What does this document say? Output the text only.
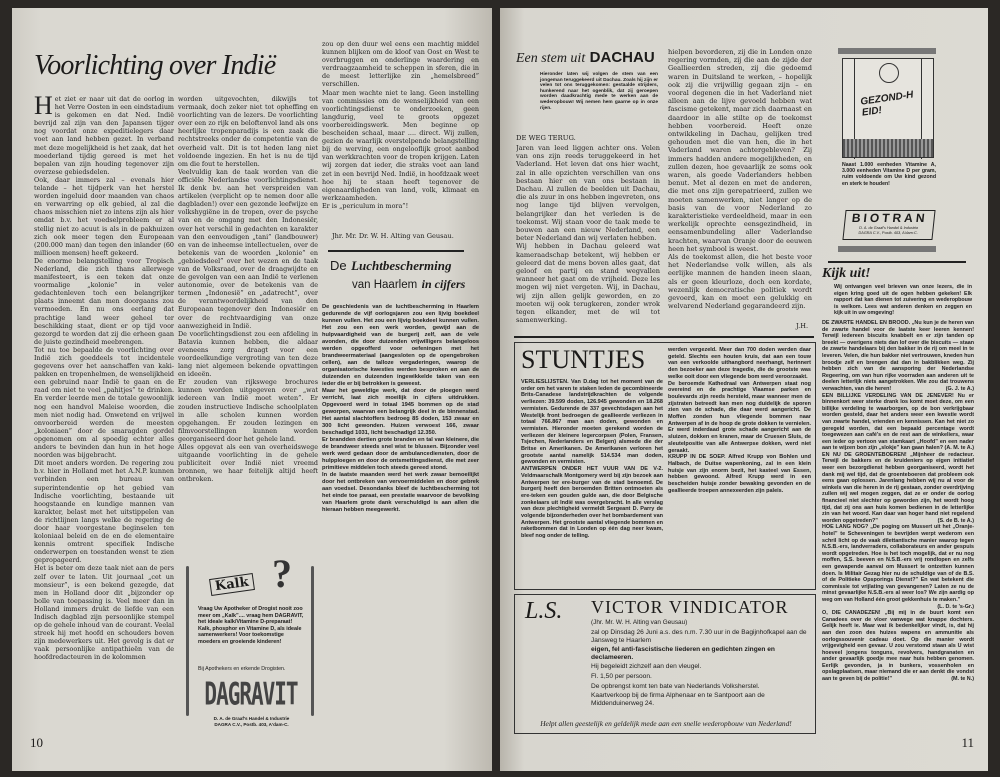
Voorlichting over Indië

Het ziet er naar uit dat de oorlog in het Verre Oosten in een eindstadium is gekomen en dat Ned. Indië bevrijd zal zijn van den Japansen tijger nog voordat onze expeditielegers daar voet aan land hebben gezet. In verband met deze mogelijkheid is het zaak, dat het moederland tijdig gereed is met het bepalen van zijn houding tegenover zijn overzese gebiedsdelen.

Ook, daar immers zal – evenals hier telande – het tijdperk van het herstel worden ingeluid door maanden van chaos en verwarring op elk gebied, al zal die chaos misschien niet zo intens zijn als hier omdat b.v. het voedselprobleem er al stellig niet zo acuut is als in de pakhuizen zich ook meer tegen den Europeaan (200.000 man) dan tegen den inlander (60 millioen mensen) heeft gekeerd.

De enorme belangstelling voor Tropisch Nederland, die zich thans allerwege manifesteert, is een teken dat onze voormalige „kolonie” in veler gedachtenleven toch een belangrijker plaats inneemt dan men doorgaans zou vermoeden. En nu ons eerlang dat prachtige land weer geheel ter beschikking staat, dient er op tijd voor gezorgd te worden dat zij die erheen gaan de juiste gezindheid meebrengen.

Tot nu toe bepaalde de voorlichting over Indië zich goeddeels tot incidentele gegevens over het aanschaffen van kaki-pakken en tropenhelmen, de wenselijkheid een gebruind naar Indië te gaan en de raad om niet te veel „pahitjes” te drinken. En verder leerde men de totale gewoonlijk nog een handvol Maleise woorden, die men niet nodig had. Onwetend en vrijwel onvoorbereid werden de meesten „koloniaen” door de smaragden gordel opgenomen om al spoedig echter alles anders te bevinden dan hun in het hoge noorden was bijgebracht.

Dit moet anders worden. De regering zou b.v. hier in Holland met het A.N.P. kunnen verbinden een bureau van superintendentie op het gebied van Indische voorlichting, bestaande uit hoogstaande en kundige mannen van karakter, belast met het uitstippelen van de richtlijnen langs welke de regering de door haar voorgestane beginselen ten koloniaal beleid en de en de elementaire kennis omtrent specifiek Indische onderwerpen en toestanden wenst te zien gepropageerd.

Het is beter om deze taak niet aan de pers zelf over te laten. Uit journaal „cet un monsieur”, is een bekend gezegde, dat men in Holland door dit „bijzonder op bolle van toepassing is. Veel meer dan in Holland immers drukt de liefde van een Indisch dagblad zijn persoonlijke stempel op de gehele inhoud van de courant. Veelal streek hij met hoofd en schouders boven zijn medewerkers uit. Het gevolg is dat er vaak persoonlijke antipathieën van de hoofdredacteuren in de kolommen

worden uitgevochten, dikwijls tot vermaak, doch zeker niet tot opheffing en voorlichting van de lezers. De voorlichting over een zo rijk en beloftenvol land als ons heerlijke tropenparadijs is een zaak die rechtstreeks onder de competentie van de overheid valt. Dit is tot heden lang niet voldoende ingezien. En het is nu de tijd om die fout te herstellen.

Veelvuldig kan de taak worden van die officiële Nederlandse voorlichtingsdienst. Ik denk bv. aan het verspreiden van artikelen (verplicht op te nemen door alle dagbladen!) over een gezonde leefwijze en volkshygiëne in de tropen, over de psyche van en de omgang met den Indonesiër, over het verschil in gedachten en karakter van den eenvoudigen „tani” (landbouwer) en van de inheemse intellectuelen, over de betekenis van de woorden „kolonie” en „gebiedsdeel” over het wezen en de taak van de Volksraad, over de draagwijdte en de gevolgen van een aan Indië te verlenen autonomie, over de betekenis van de termen „Indonesië” en „adatrecht”, over de verantwoordelijkheid van den Europeaan tegenover den Indonesiër en over de rechtvaardiging van onze aanwezigheid in Indië.

De voorlichtingsdienst zou een afdeling in Batavia kunnen hebben, die aldaar eveneens zorg draagt voor een voordeelkundige vergroting van ten deze lang niet algemeen bekende opvattingen en ideeën.

Er zouden van rijkswege brochures kunnen worden uitgegeven over „wat iedereen van Indië moet weten”. Er zouden instructieve Indische schoolplaten in alle scholen kunnen worden opgehangen. Er zouden lezingen en filmvoorstellingen kunnen worden georganiseerd door het gehele land.

Alles opgevat als een van overheidswege uitgaande voorlichting in de gehele publiciteit over Indië niet vreemd bronnen, we haar feitelijk altijd heeft ontbroken.

Kalk ?
Vraag Uw Apotheker of Drogist nooit zoo meer om „Kalk”.... vraag hem DAGRAVIT, het ideale kalk/Vitamine D-preparaat! Kalk, phosphor en Vitamine D, als ideale samenwerkers! Voor toekomstige moeders en groeiende kinderen!
Bij Apothekers en erkende Drogisten.
DAGRAVIT
D. A. de Graaf's Handel & Industrie
DAGRA C.V., Postb. 403, A'dam-C.

zou op den duur wel eens een machtig middel kunnen blijken om de kloof van Oost en West te overbruggen en onderlinge waardering en verdraagzaamheid te scheppen in sferen, die in de meest letterlijke zin „hemelsbreed” verschillen.

Maar men wachte niet te lang. Geen instelling van commissies om de wenselijkheid van een voorlichtingsdienst te onderzoeken, geen langdurig, veel te groots opgezet voorbereidingswerk. Men beginne op bescheiden schaal, maar .... direct. Wij zullen, gezien de waarlijk overstelpende belangstelling bij de werving, een ongelooflijk groot aanbod van werkkrachten voor de tropen krijgen. Laten wij zorgen dat ieder, die straks voet aan land zet in een bevrijd Ned. Indië, in hoofdzaak weet hoe hij te staan heeft tegenover de eigenaardigheden van land, volk, klimaat en werkzaamheden.

Er is „periculum in mora”!

Jhr. Mr. Dr. W. H. Alting van Geusau.
De Luchtbescherming
van Haarlem in cijfers

De geschiedenis van de luchtbescherming in Haarlem gedurende de vijf oorlogsjaren zou een lijvig boekdeel kunnen vullen. Het zou een lijvig boekdeel kunnen vullen. Het zou een een werk worden, gewijd aan de hulpvaardigheid van de burgerij zelf, aan de vele avonden, die door duizenden vrijwilligers belangeloos werden opgeofferd voor oefeningen met het brandweermateriaal (aangesloten op de opengebroken cellen), aan de talloze vergaderingen, waarop de organisatorische kwesties werden besproken en aan de duizenden en duizenden ingewikkelde taken van een ieder die er bij betrokken is geweest.

Maar het geweldige werk, dat door de ploegen werd verricht, laat zich moeilijk in cijfers uitdrukken. Opgevoerd werd in totaal 1945 bommen op de stad geworpen, waarvan een belangrijk deel in de binnenstad. Het aantal slachtoffers bedroeg 85 doden, 153 zwaar en 300 licht gewonden. Huizen verwoest 166, zwaar beschadigd 1031, licht beschadigd 12.350.

Er brandden dertien grote branden en tal van kleinere, die de brandweer steeds snel wist te blussen. Bijzonder veel werk werd gedaan door de ambulancediensten, door de hulpploegen en door de ontsmettingsdienst, die met zeer primitieve middelen toch steeds gereed stond.

In de laatste maanden werd het werk zwaar bemoeilijkt door het ontbreken van vervoermiddelen en door gebrek aan voedsel. Desondanks bleef de luchtbescherming tot het einde toe paraat, een prestatie waarvoor de bevolking van Haarlem grote dank verschuldigd is aan allen die hieraan hebben meegewerkt.

10
Een stem uit DACHAU
Hieronder laten wij volgen de stem van een jongeman teruggekeerd uit Dachau. Zoals hij zijn er velen tot ons teruggekomen: gestaalde strijders, hunkerend naar het ogenblik, dat zij geroepen worden daadkrachtig mede te werken aan de wederopbouw! Wij nemen hem gaarne op in onze rijen.
DE WEG TERUG.

Jaren van leed liggen achter ons. Velen van ons zijn reeds teruggekeerd in het Vaderland. Het leven dat ons hier wacht, zal in alle opzichten verschillen van ons bestaan hier en van ons bestaan in Dachau. Al zullen de beelden uit Dachau, die als zuur in ons hebben ingevreten, ons nog lange tijd blijven vervolgen, belangrijker dan het verleden is de toekomst. Wij staan voor de taak mede te bouwen aan een nieuw Nederland, een beter Nederland dan wij verlaten hebben.

Wij hebben in Dachau geleerd wat kameraadschap betekent, wij hebben er geleerd dat de mens boven alles gaat, dat geloof en partij en stand wegvallen wanneer het gaat om de vrijheid. Deze les mogen wij niet vergeten. Wij, in Dachau, wij zijn allen gelijk geworden, en zo moeten wij ook terugkeren, zonder wrok tegen elkander, met de wil tot samenwerking.

hielpen bevorderen, zij die in Londen onze regering vormden, zij die aan de zijde der Geallieerden streden, zij die gedoemd waren in Duitsland te werken, – hopelijk ook zij die vrijwillig gegaan zijn – en vooral degenen die in het Vaderland niet alleen aan de lijve gevoeld hebben wat fascisme getekent, maar zich daarnaast en daardoor in alle stilte op de toekomst hebben voorbereid. Heeft onze ontwikkeling in Dachau, gelijken tred gehouden met die van hen, die in het Vaderland waren achtergebleven? Zij immers hadden andere mogelijkheden, en zullen dezen, hoe gevaarlijk ze soms ook waren, als goede Vaderlanders hebben benut. Met al dezen en met de anderen, die met ons zijn gerepatrieerd, zullen we moeten samenwerken, niet langer op de basis van de voor Nederland zo karakteristieke verdeeldheid, maar in een werkelijk oprechte eensgezindheid, in eensamenbundeling aller Vaderlandse krachten, waarvan Oranje door de eeuwen heen het symbool is weest.

Als de toekomst allen, die het beste voor het Nederlandse volk willen, als als eerlijke mannen de handen ineen slaan, als er geen kleurloze, doch een kordate, wezenlijk democratische politiek wordt gevoerd, kan en moet een gelukkig en welvarend Nederland gegarandeerd zijn.

J.H.
STUNTJES
VERLIESLIJSTEN. Van D.dag tot het moment van de order om het varen te staken leden de gecombineerde Brits-Canadese landstrijdkrachten de volgende verliezen: 39.599 doden, 126.945 gewonden en 18.268 vermisten. Gedurende de 337 gevechtsdagen aan het Westelijk front bedroegen de geallieerde verliezen in totaal 766.867 man aan doden, gewonden en vermisten. Hieronder moeten gerekend worden de verliezen der kleinere legercorpsen (Polen, Fransen, Tsjechen, Nederlanders en Belgen) alsmede die der Britse en Amerikanen. De Amerikanen verloren het grootste aantal namelijk 514.534 man doden, gewonden en vermisten.
ANTWERPEN ONDER HET VUUR VAN DE V-2. Veldmaarschalk Montgomery werd bij zijn bezoek aan Antwerpen ter ere-burger van de stad benoemd. De burgerij heeft den beroemden Britten ontmoeten als ere-teken een gouden gulde aan, die door Belgische zonkelaars uit Indië was overgebracht. In alle verslag van deze plechtigheid vermeldt Sergeant D. Parry de volgende bijzonderheden over het bombardement van Antwerpen. Het grootste aantal vliegende bommen en raketbommen dat in Londen op één dag neer kwam, bleef nog onder de telling.
werden vergezeld. Meer dan 700 doden werden daar geteld. Slechts een houten kruis, dat aan een touw van een verkoolde uithangbord neerhangt, herinnert den bezoeker aan deze tragedie, die de grootste was welke ooit door een vliegende bom werd veroorzaakt.
De beroemde Kathedraal van Antwerpen staat nog overeind en de prachtige Vlaamse parken en boulevards zijn reeds hersteld, maar wanneer men de zijstraten betreedt kan men nog duidelijk de sporen zien van de schade, die daar werd aangericht. De Moffen zonden hun vliegende bommen naar Antwerpen af in de hoop de grote dokken te vernielen. Er werd inderdaad grote schade aangericht aan de sluizen, dokken en kranen, maar de Cruesen Sluis, de sleutelpositie van alle Antwerpse dokken, werd niet geraakt.
KRUPP IN DE SOEP. Alfred Krupp von Bohlen und Halbach, de Duitse wapenkoning, zal in een klein huisje van zijn enorm bezit, het kasteel van Essen, hebben gewoond. Alfred Krupp werd in een bescheiden huisje zonder bewaking gevonden en de geallieerde troepen annexeerden zijn paleis.
L.S. VICTOR VINDICATOR
(Jhr. Mr. W. H. Alting van Geusau)
zal op Dinsdag 26 Juni a.s. des n.m. 7.30 uur in de Bagijnhofkapel aan de Jansweg te Haarlem
eigen, fel anti-fascistische liederen en gedichten zingen en declameeren.
Hij begeleidt zichzelf aan den vleugel.
Fl. 1,50 per persoon.
De opbrengst komt ten bate van Nederlands Volksherstel.
Kaartverkoop bij de firma Alphenaar en te Santpoort aan de Middenduinerweg 24.
Helpt allen geestelijk en geldelijk mede aan een snelle wederopbouw van Nederland!
GEZOND-HEID!
Naast 1.000 eenheden Vitamine A, 3.000 eenheden Vitamine D per gram, ruim voldoende om Uw kind gezond en sterk te houden!
BIOTRAN
D. A. de Graaf's Handel & Industrie
DAGRA C.V., Postb. 403, A'dam-C.
Kijk uit!
Wij ontvangen veel brieven van onze lezers, die in eigen kring goed uit de ogen hebben gekeken! Elk rapport dat kan dienen tot zuivering en wederopbouw is welkom. Lees wat anderen denken en zeggen en kijk uit in uw omgeving!

DE ZWARTE HANDEL EN BROOD. „Nu kun je de heren van de zwarte handel voor de laatste keer leeren kennen! Terwijl iedereen biscuits knabbelt en er zijn tanden op breekt — overigens niets dan lof over die biscuits — staan de zwarte handelaars bij den bakker in de rij om meel in te leveren. Velen, die hun bakker niet vertrouwen, kneden hun broodje zelf en brengen dat dan in bakblikken weg. Zij hebben zich van de aansporing der Nederlandse Regeering, om van hun rijke voorraden aan anderen uit te deelen letterlijk niets aangetrokken. Wie zou dat trouwens verwachten, van die heren!	(G. J. te A.)

EEN BILLIJKE VERDELING VAN DE JENEVER! Nu er binnenkort weer sterke drank los komt moet deze, om een billijke verdeling te waarborgen, op de bon verkrijgbaar worden gesteld, daar het anders weer een kwestie wordt van zwarte handel, vrienden en kennissen. Kan het niet zo geregeld worden, dat een bepaald percentage wordt toegewezen aan café's en de rest aan de winkeliers, waar een ieder op vertoon van stamkaart „Hoofd” en een nader aan te wijzen bon zijn „slokje” kan gaan halen? (A. M. te A.)

EN NU DE GROENTEBOEREN! „Mijnheer de redacteur. Terwijl de bakkers en de kruideniers op eigen initiatief weer een bezorgdienst hebben georganiseerd, wordt het dank mij wel tijd, dat de groenteboeren dat probleem ook eens gaan oplossen. Jarenlang hebben wij nu al voor de winkels van die heren in de rij gestaan, zonder overdrijving zullen wij wel mogen zeggen, dat ze er onder de oorlog financieel niet slechter op geworden zijn, het wordt hoog tijd, dat zij ons aan huis komen bedienen in de letterlijke zin van het woord. Kan daar van hoger hand niet regelend worden opgetreden?”	(S. de B. te A.)

HOE LANG NOG? „De poging om Mussert uit het „Oranje-hotel” te Scheveningen te bevrijden werpt wederom een schril licht op de vaak dilettantische manier waarop tegen N.S.B.-ers, landverraders, collaborateurs en ander gespuis wordt opgetreden. Hoe is het toch mogelijk, dat er nu nog moffen, S.S. beeven en N.S.B.-ers vrij rondlopen en zelfs een gewapende aanval om Mussert te ontzetten kunnen doen. Is Militair Gezag hier nu de schuldige van of de B.S. of de Politieke Opsporings Dienst?” En wat betekent die commissie tot vrijlating van gevangenen? Laten ze nu de minst gevaarlijke N.S.B.-ers al weer los? We zijn aardig op weg om van Holland één groot gekkenhuis te maken.”
(L. D. te 's-Gr.)

O, DIE CANADEZEN! „Bij mij in de buurt komt een Canadees over de vloer vanwege wat knappe dochters. Gelijk heeft ie. Maar wat ik bedenkelijker vindt, is, dat hij aan den zoon des huizes wapens en ammunitie als oorlogssouvenir cadeau doet. Op die manier wordt vrijgevigheid een gevaar. U zou verstomd staan als U wist hoeveel jongens tonguns, revolvers, handgranaten en ander gevaarlijk goedje mee naar huis hebben genomen. Eerlijk gevonden, ja in bunkers, vossenholen en opslagplaatsen, maar niemand die er aan denkt die vondst aan te geven bij de politie!”	(M. te N.)

11
